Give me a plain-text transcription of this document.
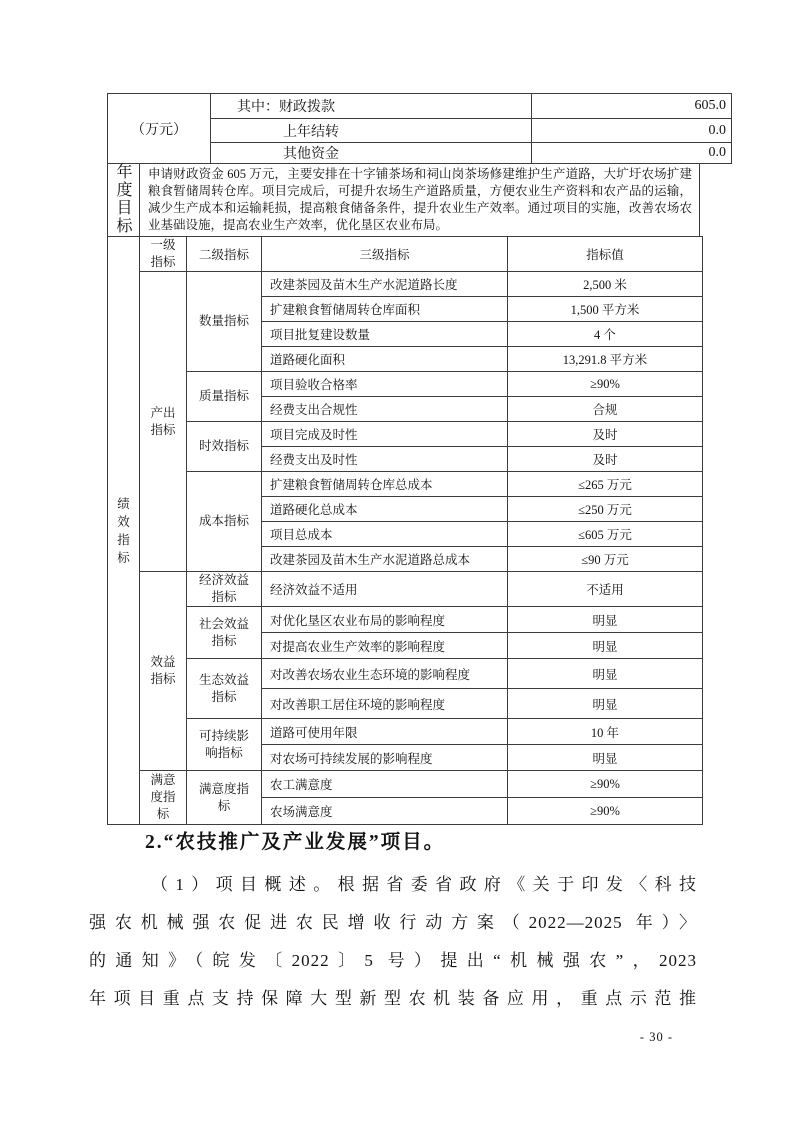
（万元）	其中：财政拨款	605.0
	上年结转	0.0
	其他资金	0.0
年度目标	
申请财政资金 605 万元，主要安排在十字铺茶场和祠山岗茶场修建维护生产道路，大圹圩农场扩建粮食暂储周转仓库。项目完成后，可提升农场生产道路质量，方便农业生产资料和农产品的运输，减少生产成本和运输耗损，提高粮食储备条件，提升农业生产效率。通过项目的实施，改善农场农业基础设施，提高农业生产效率，优化垦区农业布局。
绩效指标	一级指标	二级指标	三级指标	指标值
	产出指标	数量指标	改建茶园及苗木生产水泥道路长度	2,500 米
			扩建粮食暂储周转仓库面积	1,500 平方米
			项目批复建设数量	4 个
			道路硬化面积	13,291.8 平方米
		质量指标	项目验收合格率	≥90%
			经费支出合规性	合规
		时效指标	项目完成及时性	及时
			经费支出及时性	及时
		成本指标	扩建粮食暂储周转仓库总成本	≤265 万元
			道路硬化总成本	≤250 万元
			项目总成本	≤605 万元
			改建茶园及苗木生产水泥道路总成本	≤90 万元
	效益指标	经济效益指标	经济效益不适用	不适用
		社会效益指标	对优化垦区农业布局的影响程度	明显
			对提高农业生产效率的影响程度	明显
		生态效益指标	对改善农场农业生态环境的影响程度	明显
			对改善职工居住环境的影响程度	明显
		可持续影响指标	道路可使用年限	10 年
			对农场可持续发展的影响程度	明显
	满意度指标	满意度指标	农工满意度	≥90%
			农场满意度	≥90%
2.“农技推广及产业发展”项目。
（1）项目概述。根据省委省政府《关于印发〈科技
强农机械强农促进农民增收行动方案（2022—2025 年）〉
的通知》（皖发〔2022〕5 号）提出“机械强农”，2023
年项目重点支持保障大型新型农机装备应用，重点示范推
- 30 -
